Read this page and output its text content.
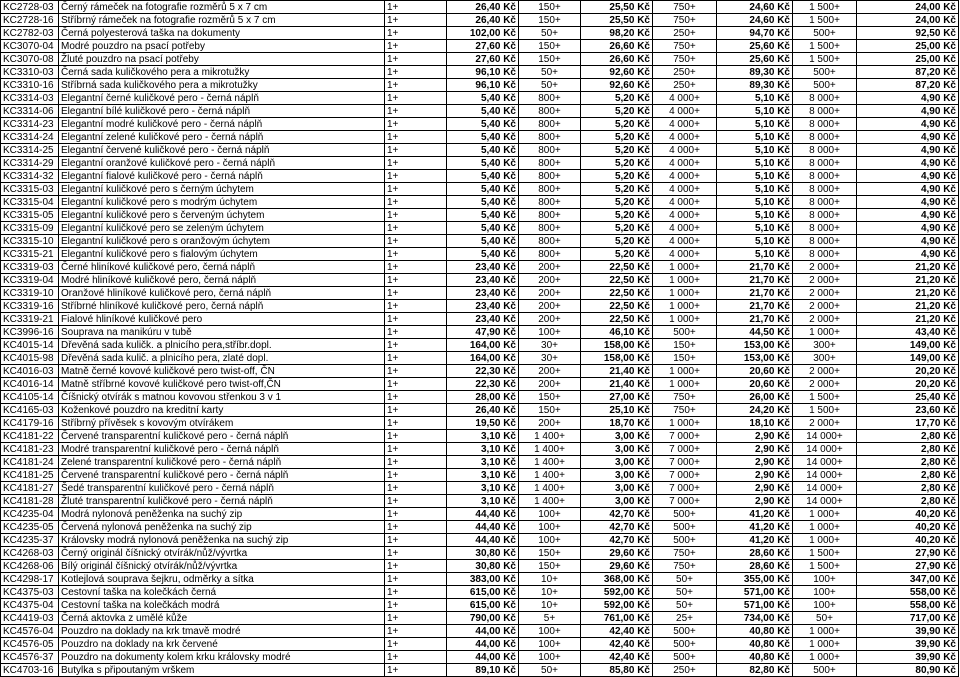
KC2728-03	Černý rámeček na fotografie rozměrů 5 x 7 cm	1+	26,40 Kč	150+	25,50 Kč	750+	24,60 Kč	1 500+	24,00 Kč
KC2728-16	Stříbrný rámeček na fotografie rozměrů 5 x 7 cm	1+	26,40 Kč	150+	25,50 Kč	750+	24,60 Kč	1 500+	24,00 Kč
KC2782-03	Černá polyesterová taška na dokumenty	1+	102,00 Kč	50+	98,20 Kč	250+	94,70 Kč	500+	92,50 Kč
KC3070-04	Modré pouzdro na psací potřeby	1+	27,60 Kč	150+	26,60 Kč	750+	25,60 Kč	1 500+	25,00 Kč
KC3070-08	Žluté pouzdro na psací potřeby	1+	27,60 Kč	150+	26,60 Kč	750+	25,60 Kč	1 500+	25,00 Kč
KC3310-03	Černá sada kuličkového pera a mikrotužky	1+	96,10 Kč	50+	92,60 Kč	250+	89,30 Kč	500+	87,20 Kč
KC3310-16	Stříbrná sada kuličkového pera a mikrotužky	1+	96,10 Kč	50+	92,60 Kč	250+	89,30 Kč	500+	87,20 Kč
KC3314-03	Elegantní černé kuličkové pero - černá náplň	1+	5,40 Kč	800+	5,20 Kč	4 000+	5,10 Kč	8 000+	4,90 Kč
KC3314-06	Elegantní bílé kuličkové pero - černá náplň	1+	5,40 Kč	800+	5,20 Kč	4 000+	5,10 Kč	8 000+	4,90 Kč
KC3314-23	Elegantní modré kuličkové pero - černá náplň	1+	5,40 Kč	800+	5,20 Kč	4 000+	5,10 Kč	8 000+	4,90 Kč
KC3314-24	Elegantní zelené kuličkové pero - černá náplň	1+	5,40 Kč	800+	5,20 Kč	4 000+	5,10 Kč	8 000+	4,90 Kč
KC3314-25	Elegantní červené kuličkové pero - černá náplň	1+	5,40 Kč	800+	5,20 Kč	4 000+	5,10 Kč	8 000+	4,90 Kč
KC3314-29	Elegantní oranžové kuličkové pero - černá náplň	1+	5,40 Kč	800+	5,20 Kč	4 000+	5,10 Kč	8 000+	4,90 Kč
KC3314-32	Elegantní fialové kuličkové pero - černá náplň	1+	5,40 Kč	800+	5,20 Kč	4 000+	5,10 Kč	8 000+	4,90 Kč
KC3315-03	Elegantní kuličkové pero s černým úchytem	1+	5,40 Kč	800+	5,20 Kč	4 000+	5,10 Kč	8 000+	4,90 Kč
KC3315-04	Elegantní kuličkové pero s modrým úchytem	1+	5,40 Kč	800+	5,20 Kč	4 000+	5,10 Kč	8 000+	4,90 Kč
KC3315-05	Elegantní kuličkové pero s červeným úchytem	1+	5,40 Kč	800+	5,20 Kč	4 000+	5,10 Kč	8 000+	4,90 Kč
KC3315-09	Elegantní kuličkové pero se zeleným úchytem	1+	5,40 Kč	800+	5,20 Kč	4 000+	5,10 Kč	8 000+	4,90 Kč
KC3315-10	Elegantní kuličkové pero s oranžovým úchytem	1+	5,40 Kč	800+	5,20 Kč	4 000+	5,10 Kč	8 000+	4,90 Kč
KC3315-21	Elegantní kuličkové pero s fialovým úchytem	1+	5,40 Kč	800+	5,20 Kč	4 000+	5,10 Kč	8 000+	4,90 Kč
KC3319-03	Černé hliníkové kuličkové pero, černá náplň	1+	23,40 Kč	200+	22,50 Kč	1 000+	21,70 Kč	2 000+	21,20 Kč
KC3319-04	Modré hliníkové kuličkové pero, černá náplň	1+	23,40 Kč	200+	22,50 Kč	1 000+	21,70 Kč	2 000+	21,20 Kč
KC3319-10	Oranžové hliníkové kuličkové pero, černá náplň	1+	23,40 Kč	200+	22,50 Kč	1 000+	21,70 Kč	2 000+	21,20 Kč
KC3319-16	Stříbrné hliníkové kuličkové pero, černá náplň	1+	23,40 Kč	200+	22,50 Kč	1 000+	21,70 Kč	2 000+	21,20 Kč
KC3319-21	Fialové hliníkové kuličkové pero	1+	23,40 Kč	200+	22,50 Kč	1 000+	21,70 Kč	2 000+	21,20 Kč
KC3996-16	Souprava na manikúru v tubě	1+	47,90 Kč	100+	46,10 Kč	500+	44,50 Kč	1 000+	43,40 Kč
KC4015-14	Dřevěná sada kuličk. a plnicího pera,stříbr.dopl.	1+	164,00 Kč	30+	158,00 Kč	150+	153,00 Kč	300+	149,00 Kč
KC4015-98	Dřevěná sada kulič. a plnicího pera, zlaté dopl.	1+	164,00 Kč	30+	158,00 Kč	150+	153,00 Kč	300+	149,00 Kč
KC4016-03	Matně černé kovové kuličkové pero twist-off, ČN	1+	22,30 Kč	200+	21,40 Kč	1 000+	20,60 Kč	2 000+	20,20 Kč
KC4016-14	Matně stříbrné kovové kuličkové pero twist-off,ČN	1+	22,30 Kč	200+	21,40 Kč	1 000+	20,60 Kč	2 000+	20,20 Kč
KC4105-14	Číšnický otvírák s matnou kovovou střenkou 3 v 1	1+	28,00 Kč	150+	27,00 Kč	750+	26,00 Kč	1 500+	25,40 Kč
KC4165-03	Koženkové pouzdro na kreditní karty	1+	26,40 Kč	150+	25,10 Kč	750+	24,20 Kč	1 500+	23,60 Kč
KC4179-16	Stříbrný přívěsek s kovovým otvírákem	1+	19,50 Kč	200+	18,70 Kč	1 000+	18,10 Kč	2 000+	17,70 Kč
KC4181-22	Červené transparentní kuličkové pero - černá náplň	1+	3,10 Kč	1 400+	3,00 Kč	7 000+	2,90 Kč	14 000+	2,80 Kč
KC4181-23	Modré transparentní kuličkové pero - černá náplň	1+	3,10 Kč	1 400+	3,00 Kč	7 000+	2,90 Kč	14 000+	2,80 Kč
KC4181-24	Zelené transparentní kuličkové pero - černá náplň	1+	3,10 Kč	1 400+	3,00 Kč	7 000+	2,90 Kč	14 000+	2,80 Kč
KC4181-25	Červené transparentní kuličkové pero - černá náplň	1+	3,10 Kč	1 400+	3,00 Kč	7 000+	2,90 Kč	14 000+	2,80 Kč
KC4181-27	Šedé transparentní kuličkové pero - černá náplň	1+	3,10 Kč	1 400+	3,00 Kč	7 000+	2,90 Kč	14 000+	2,80 Kč
KC4181-28	Žluté transparentní kuličkové pero - černá náplň	1+	3,10 Kč	1 400+	3,00 Kč	7 000+	2,90 Kč	14 000+	2,80 Kč
KC4235-04	Modrá nylonová peněženka na suchý zip	1+	44,40 Kč	100+	42,70 Kč	500+	41,20 Kč	1 000+	40,20 Kč
KC4235-05	Červená nylonová peněženka na suchý zip	1+	44,40 Kč	100+	42,70 Kč	500+	41,20 Kč	1 000+	40,20 Kč
KC4235-37	Královsky modrá nylonová peněženka na suchý zip	1+	44,40 Kč	100+	42,70 Kč	500+	41,20 Kč	1 000+	40,20 Kč
KC4268-03	Černý originál číšnický otvírák/nůž/vývrtka	1+	30,80 Kč	150+	29,60 Kč	750+	28,60 Kč	1 500+	27,90 Kč
KC4268-06	Bílý originál číšnický otvírák/nůž/vývrtka	1+	30,80 Kč	150+	29,60 Kč	750+	28,60 Kč	1 500+	27,90 Kč
KC4298-17	Kotlejlová souprava šejkru, odměrky a sítka	1+	383,00 Kč	10+	368,00 Kč	50+	355,00 Kč	100+	347,00 Kč
KC4375-03	Cestovní taška na kolečkách černá	1+	615,00 Kč	10+	592,00 Kč	50+	571,00 Kč	100+	558,00 Kč
KC4375-04	Cestovní taška na kolečkách modrá	1+	615,00 Kč	10+	592,00 Kč	50+	571,00 Kč	100+	558,00 Kč
KC4419-03	Černá aktovka z umělé kůže	1+	790,00 Kč	5+	761,00 Kč	25+	734,00 Kč	50+	717,00 Kč
KC4576-04	Pouzdro na doklady na krk tmavě modré	1+	44,00 Kč	100+	42,40 Kč	500+	40,80 Kč	1 000+	39,90 Kč
KC4576-05	Pouzdro na doklady na krk červené	1+	44,00 Kč	100+	42,40 Kč	500+	40,80 Kč	1 000+	39,90 Kč
KC4576-37	Pouzdro na dokumenty kolem krku královsky modré	1+	44,00 Kč	100+	42,40 Kč	500+	40,80 Kč	1 000+	39,90 Kč
KC4703-16	Butylka s připoutaným vrškem	1+	89,10 Kč	50+	85,80 Kč	250+	82,80 Kč	500+	80,90 Kč
